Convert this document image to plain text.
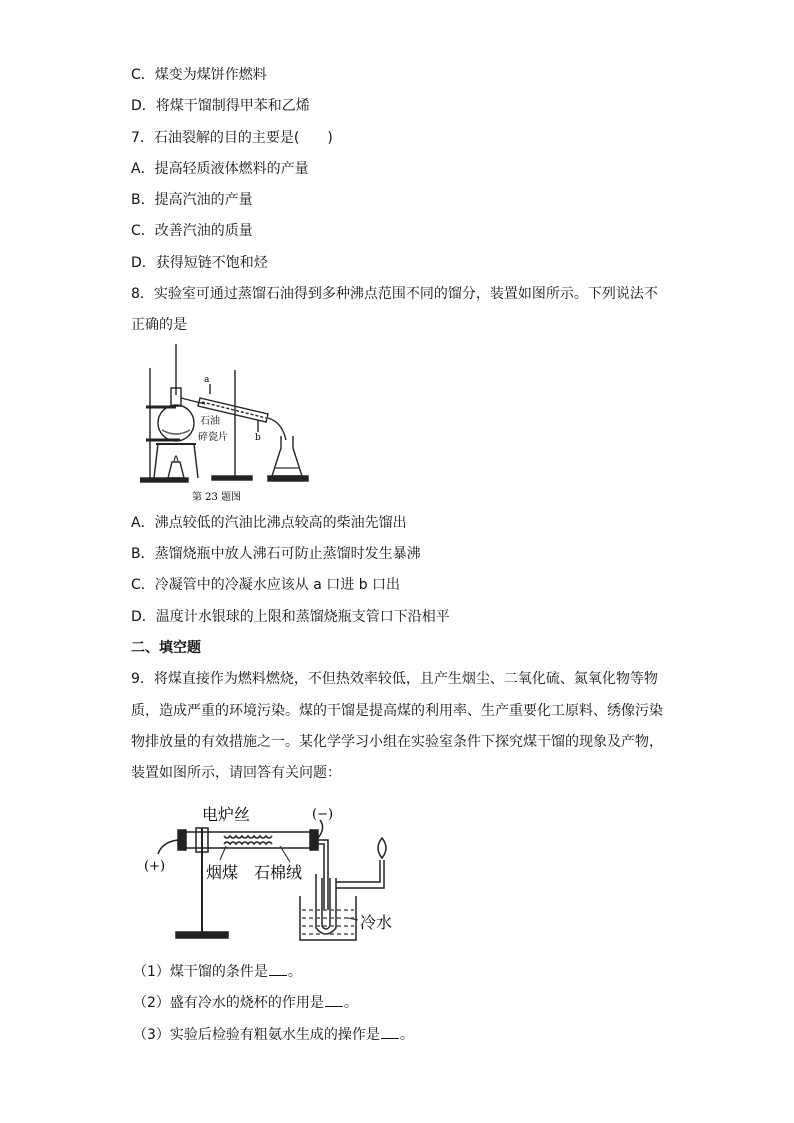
C．煤变为煤饼作燃料
D．将煤干馏制得甲苯和乙烯
7．石油裂解的目的主要是(　　)
A．提高轻质液体燃料的产量
B．提高汽油的产量
C．改善汽油的质量
D．获得短链不饱和烃
8．实验室可通过蒸馏石油得到多种沸点范围不同的馏分，装置如图所示。下列说法不
正确的是
a
b
石油
碎瓷片
第 23 题图
A．沸点较低的汽油比沸点较高的柴油先馏出
B．蒸馏烧瓶中放人沸石可防止蒸馏时发生暴沸
C．冷凝管中的冷凝水应该从 a 口进 b 口出
D．温度计水银球的上限和蒸馏烧瓶支管口下沿相平
二、填空题
9．将煤直接作为燃料燃烧，不但热效率较低，且产生烟尘、二氧化硫、氮氧化物等物
质，造成严重的环境污染。煤的干馏是提高煤的利用率、生产重要化工原料、绣像污染
物排放量的有效措施之一。某化学学习小组在实验室条件下探究煤干馏的现象及产物，
装置如图所示，请回答有关问题：
电炉丝	(−)
(+)	烟煤 石棉绒
冷水
（1）煤干馏的条件是 。
（2）盛有冷水的烧杯的作用是 。
（3）实验后检验有粗氨水生成的操作是 。
